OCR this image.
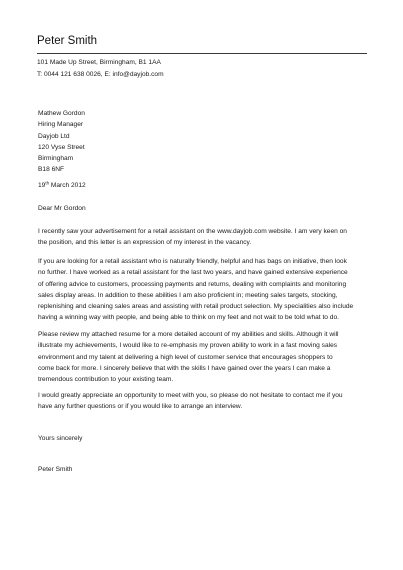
Peter Smith
101 Made Up Street, Birmingham, B1 1AA
T: 0044 121 638 0026, E: info@dayjob.com
Mathew Gordon
Hiring Manager
Dayjob Ltd
120 Vyse Street
Birmingham
B18 6NF
19th March 2012
Dear Mr Gordon
I recently saw your advertisement for a retail assistant on the www.dayjob.com website. I am very keen on
the position, and this letter is an expression of my interest in the vacancy.
If you are looking for a retail assistant who is naturally friendly, helpful and has bags on initiative, then look
no further. I have worked as a retail assistant for the last two years, and have gained extensive experience
of offering advice to customers, processing payments and returns, dealing with complaints and monitoring
sales display areas. In addition to these abilities I am also proficient in; meeting sales targets, stocking,
replenishing and cleaning sales areas and assisting with retail product selection. My specialities also include
having a winning way with people, and being able to think on my feet and not wait to be told what to do.
Please review my attached resume for a more detailed account of my abilities and skills. Although it will
illustrate my achievements, I would like to re-emphasis my proven ability to work in a fast moving sales
environment and my talent at delivering a high level of customer service that encourages shoppers to
come back for more. I sincerely believe that with the skills I have gained over the years I can make a
tremendous contribution to your existing team.
I would greatly appreciate an opportunity to meet with you, so please do not hesitate to contact me if you
have any further questions or if you would like to arrange an interview.
Yours sincerely
Peter Smith
